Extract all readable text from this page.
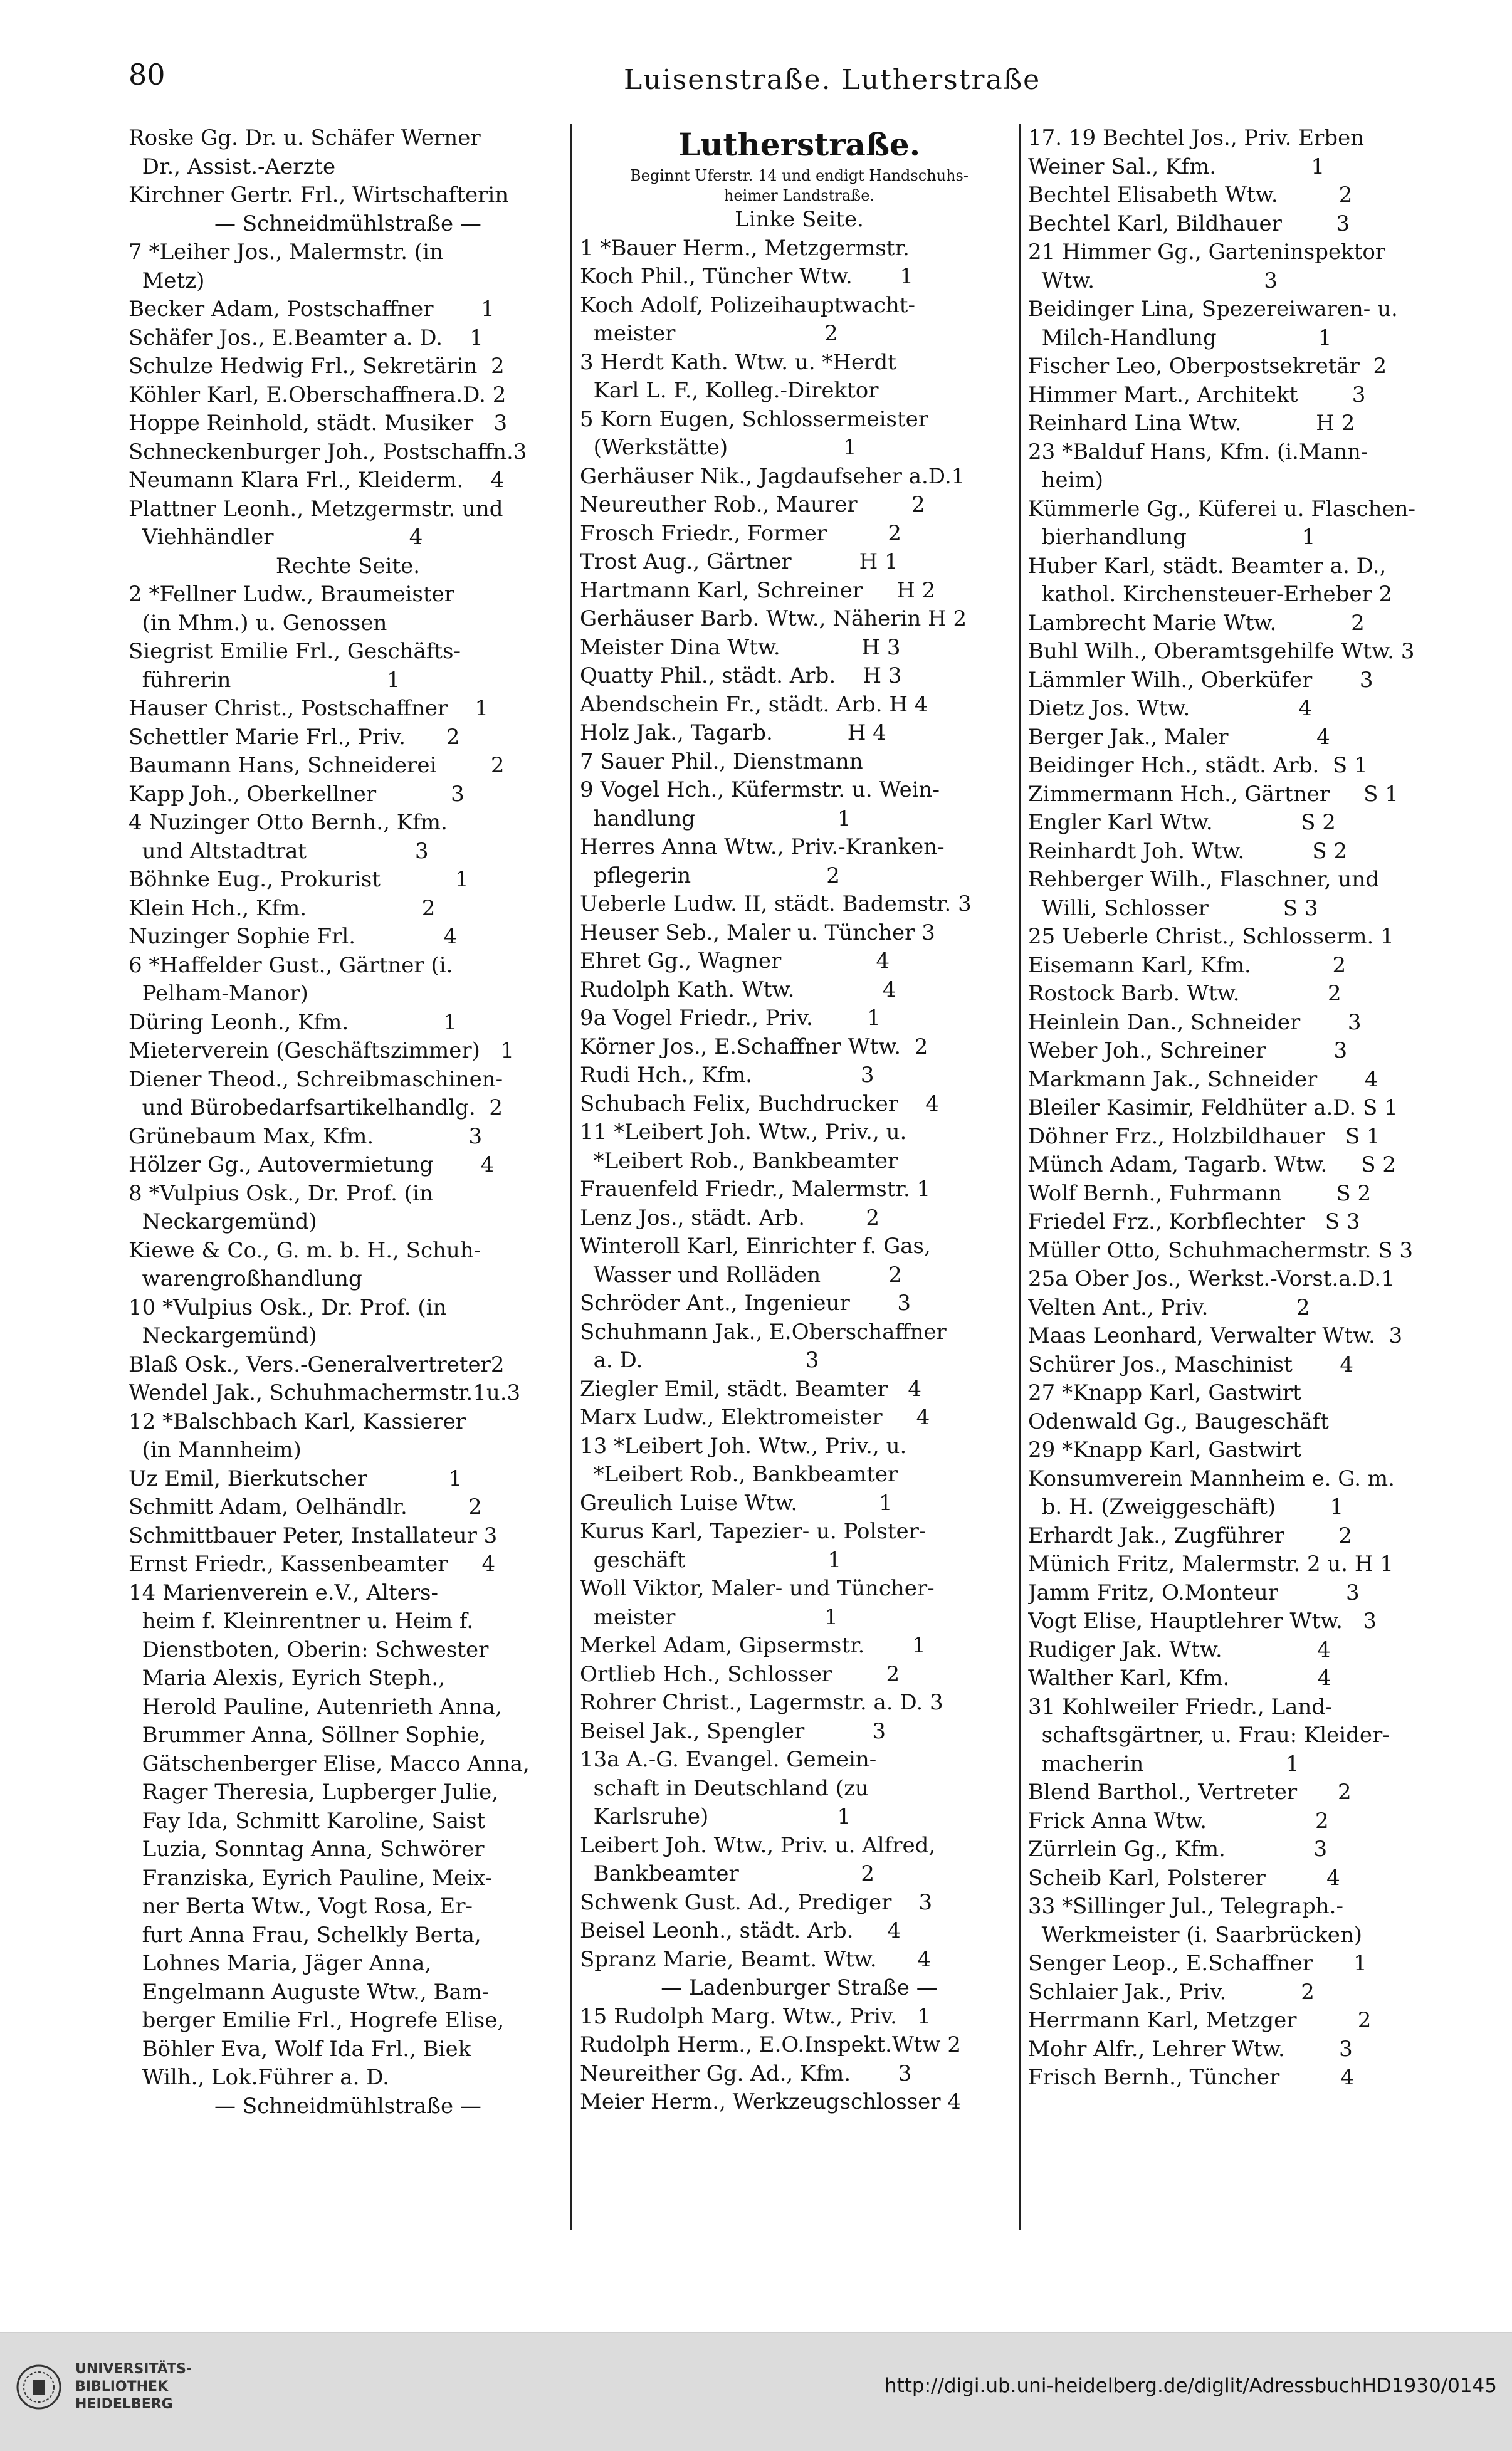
80	Luisenstraße. Lutherstraße
Roske Gg. Dr. u. Schäfer Werner
Dr., Assist.-Aerzte
Kirchner Gertr. Frl., Wirtschafterin
— Schneidmühlstraße —
7 *Leiher Jos., Malermstr. (in
Metz)
Becker Adam, Postschaffner       1
Schäfer Jos., E.Beamter a. D.    1
Schulze Hedwig Frl., Sekretärin  2
Köhler Karl, E.Oberschaffnera.D. 2
Hoppe Reinhold, städt. Musiker   3
Schneckenburger Joh., Postschaffn.3
Neumann Klara Frl., Kleiderm.    4
Plattner Leonh., Metzgermstr. und
Viehhändler                    4
Rechte Seite.
2 *Fellner Ludw., Braumeister
(in Mhm.) u. Genossen
Siegrist Emilie Frl., Geschäfts-
führerin                       1
Hauser Christ., Postschaffner    1
Schettler Marie Frl., Priv.      2
Baumann Hans, Schneiderei        2
Kapp Joh., Oberkellner           3
4 Nuzinger Otto Bernh., Kfm.
und Altstadtrat                3
Böhnke Eug., Prokurist           1
Klein Hch., Kfm.                 2
Nuzinger Sophie Frl.             4
6 *Haffelder Gust., Gärtner (i.
Pelham-Manor)
Düring Leonh., Kfm.              1
Mieterverein (Geschäftszimmer)   1
Diener Theod., Schreibmaschinen-
und Bürobedarfsartikelhandlg.  2
Grünebaum Max, Kfm.              3
Hölzer Gg., Autovermietung       4
8 *Vulpius Osk., Dr. Prof. (in
Neckargemünd)
Kiewe & Co., G. m. b. H., Schuh-
warengroßhandlung
10 *Vulpius Osk., Dr. Prof. (in
Neckargemünd)
Blaß Osk., Vers.-Generalvertreter2
Wendel Jak., Schuhmachermstr.1u.3
12 *Balschbach Karl, Kassierer
(in Mannheim)
Uz Emil, Bierkutscher            1
Schmitt Adam, Oelhändlr.         2
Schmittbauer Peter, Installateur 3
Ernst Friedr., Kassenbeamter     4
14 Marienverein e.V., Alters-
heim f. Kleinrentner u. Heim f.
Dienstboten, Oberin: Schwester
Maria Alexis, Eyrich Steph.,
Herold Pauline, Autenrieth Anna,
Brummer Anna, Söllner Sophie,
Gätschenberger Elise, Macco Anna,
Rager Theresia, Lupberger Julie,
Fay Ida, Schmitt Karoline, Saist
Luzia, Sonntag Anna, Schwörer
Franziska, Eyrich Pauline, Meix-
ner Berta Wtw., Vogt Rosa, Er-
furt Anna Frau, Schelkly Berta,
Lohnes Maria, Jäger Anna,
Engelmann Auguste Wtw., Bam-
berger Emilie Frl., Hogrefe Elise,
Böhler Eva, Wolf Ida Frl., Biek
Wilh., Lok.Führer a. D.
— Schneidmühlstraße —
Lutherstraße.
Beginnt Uferstr. 14 und endigt Handschuhs-
heimer Landstraße.
Linke Seite.
1 *Bauer Herm., Metzgermstr.
Koch Phil., Tüncher Wtw.       1
Koch Adolf, Polizeihauptwacht-
meister                      2
3 Herdt Kath. Wtw. u. *Herdt
Karl L. F., Kolleg.-Direktor
5 Korn Eugen, Schlossermeister
(Werkstätte)                 1
Gerhäuser Nik., Jagdaufseher a.D.1
Neureuther Rob., Maurer        2
Frosch Friedr., Former         2
Trost Aug., Gärtner          H 1
Hartmann Karl, Schreiner     H 2
Gerhäuser Barb. Wtw., Näherin H 2
Meister Dina Wtw.            H 3
Quatty Phil., städt. Arb.    H 3
Abendschein Fr., städt. Arb. H 4
Holz Jak., Tagarb.           H 4
7 Sauer Phil., Dienstmann
9 Vogel Hch., Küfermstr. u. Wein-
handlung                     1
Herres Anna Wtw., Priv.-Kranken-
pflegerin                    2
Ueberle Ludw. II, städt. Bademstr. 3
Heuser Seb., Maler u. Tüncher 3
Ehret Gg., Wagner              4
Rudolph Kath. Wtw.             4
9a Vogel Friedr., Priv.        1
Körner Jos., E.Schaffner Wtw.  2
Rudi Hch., Kfm.                3
Schubach Felix, Buchdrucker    4
11 *Leibert Joh. Wtw., Priv., u.
*Leibert Rob., Bankbeamter
Frauenfeld Friedr., Malermstr. 1
Lenz Jos., städt. Arb.         2
Winteroll Karl, Einrichter f. Gas,
Wasser und Rolläden          2
Schröder Ant., Ingenieur       3
Schuhmann Jak., E.Oberschaffner
a. D.                        3
Ziegler Emil, städt. Beamter   4
Marx Ludw., Elektromeister     4
13 *Leibert Joh. Wtw., Priv., u.
*Leibert Rob., Bankbeamter
Greulich Luise Wtw.            1
Kurus Karl, Tapezier- u. Polster-
geschäft                     1
Woll Viktor, Maler- und Tüncher-
meister                      1
Merkel Adam, Gipsermstr.       1
Ortlieb Hch., Schlosser        2
Rohrer Christ., Lagermstr. a. D. 3
Beisel Jak., Spengler          3
13a A.-G. Evangel. Gemein-
schaft in Deutschland (zu
Karlsruhe)                   1
Leibert Joh. Wtw., Priv. u. Alfred,
Bankbeamter                  2
Schwenk Gust. Ad., Prediger    3
Beisel Leonh., städt. Arb.     4
Spranz Marie, Beamt. Wtw.      4
— Ladenburger Straße —
15 Rudolph Marg. Wtw., Priv.   1
Rudolph Herm., E.O.Inspekt.Wtw 2
Neureither Gg. Ad., Kfm.       3
Meier Herm., Werkzeugschlosser 4
17. 19 Bechtel Jos., Priv. Erben
Weiner Sal., Kfm.              1
Bechtel Elisabeth Wtw.         2
Bechtel Karl, Bildhauer        3
21 Himmer Gg., Garteninspektor
Wtw.                         3
Beidinger Lina, Spezereiwaren- u.
Milch-Handlung               1
Fischer Leo, Oberpostsekretär  2
Himmer Mart., Architekt        3
Reinhard Lina Wtw.           H 2
23 *Balduf Hans, Kfm. (i.Mann-
heim)
Kümmerle Gg., Küferei u. Flaschen-
bierhandlung                 1
Huber Karl, städt. Beamter a. D.,
kathol. Kirchensteuer-Erheber 2
Lambrecht Marie Wtw.           2
Buhl Wilh., Oberamtsgehilfe Wtw. 3
Lämmler Wilh., Oberküfer       3
Dietz Jos. Wtw.                4
Berger Jak., Maler             4
Beidinger Hch., städt. Arb.  S 1
Zimmermann Hch., Gärtner     S 1
Engler Karl Wtw.             S 2
Reinhardt Joh. Wtw.          S 2
Rehberger Wilh., Flaschner, und
Willi, Schlosser           S 3
25 Ueberle Christ., Schlosserm. 1
Eisemann Karl, Kfm.            2
Rostock Barb. Wtw.             2
Heinlein Dan., Schneider       3
Weber Joh., Schreiner          3
Markmann Jak., Schneider       4
Bleiler Kasimir, Feldhüter a.D. S 1
Döhner Frz., Holzbildhauer   S 1
Münch Adam, Tagarb. Wtw.     S 2
Wolf Bernh., Fuhrmann        S 2
Friedel Frz., Korbflechter   S 3
Müller Otto, Schuhmachermstr. S 3
25a Ober Jos., Werkst.-Vorst.a.D.1
Velten Ant., Priv.             2
Maas Leonhard, Verwalter Wtw.  3
Schürer Jos., Maschinist       4
27 *Knapp Karl, Gastwirt
Odenwald Gg., Baugeschäft
29 *Knapp Karl, Gastwirt
Konsumverein Mannheim e. G. m.
b. H. (Zweiggeschäft)        1
Erhardt Jak., Zugführer        2
Münich Fritz, Malermstr. 2 u. H 1
Jamm Fritz, O.Monteur          3
Vogt Elise, Hauptlehrer Wtw.   3
Rudiger Jak. Wtw.              4
Walther Karl, Kfm.             4
31 Kohlweiler Friedr., Land-
schaftsgärtner, u. Frau: Kleider-
macherin                     1
Blend Barthol., Vertreter      2
Frick Anna Wtw.                2
Zürrlein Gg., Kfm.             3
Scheib Karl, Polsterer         4
33 *Sillinger Jul., Telegraph.-
Werkmeister (i. Saarbrücken)
Senger Leop., E.Schaffner      1
Schlaier Jak., Priv.           2
Herrmann Karl, Metzger         2
Mohr Alfr., Lehrer Wtw.        3
Frisch Bernh., Tüncher         4
UNIVERSITÄTS-
BIBLIOTHEK
HEIDELBERG
http://digi.ub.uni-heidelberg.de/diglit/AdressbuchHD1930/0145
